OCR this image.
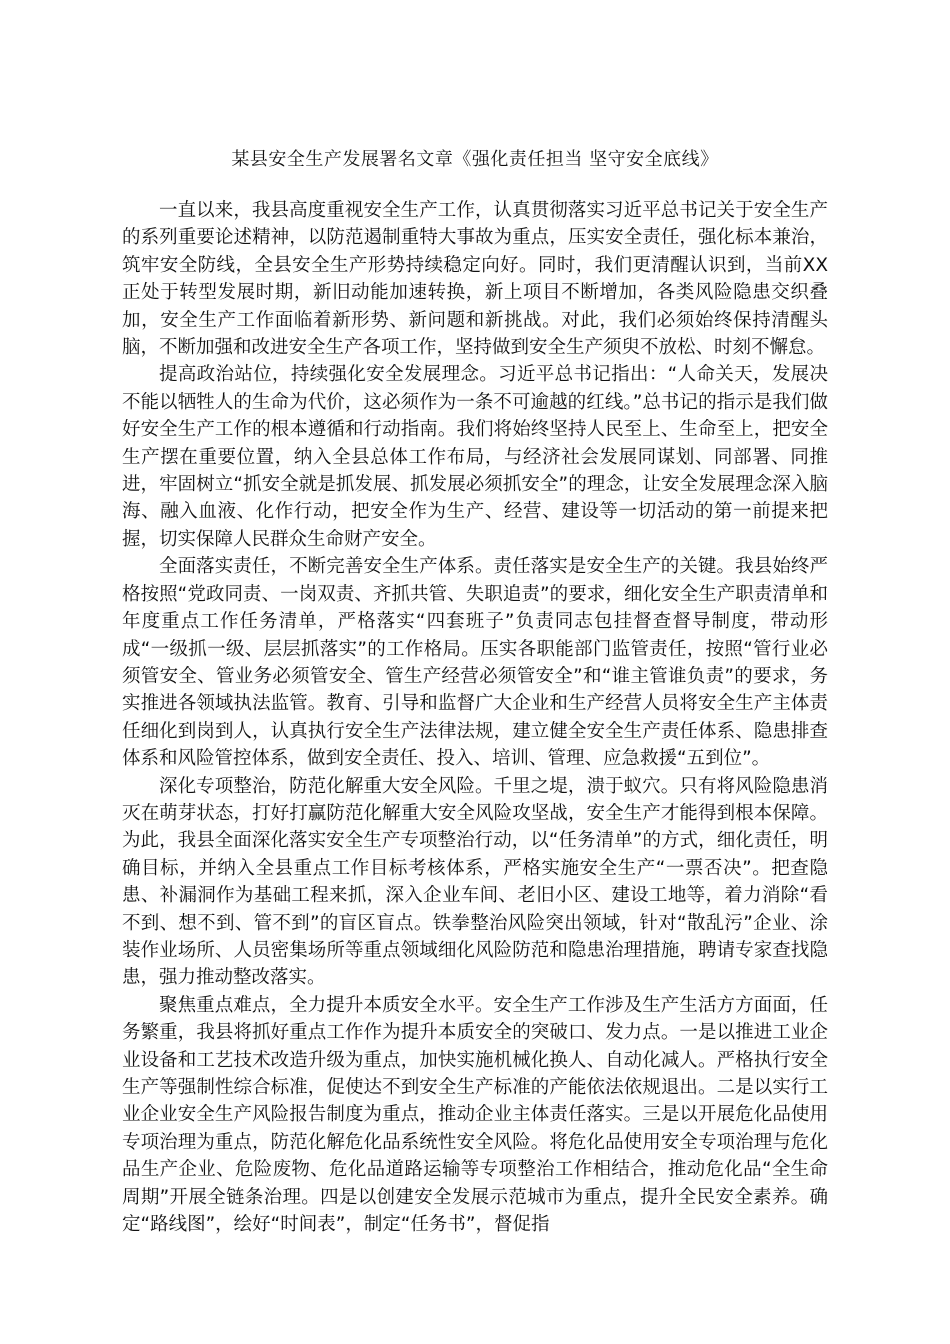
某县安全生产发展署名文章《强化责任担当 坚守安全底线》

一直以来，我县高度重视安全生产工作，认真贯彻落实习近平总书记关于安全生产的系列重要论述精神，以防范遏制重特大事故为重点，压实安全责任，强化标本兼治，筑牢安全防线，全县安全生产形势持续稳定向好。同时，我们更清醒认识到，当前XX正处于转型发展时期，新旧动能加速转换，新上项目不断增加，各类风险隐患交织叠加，安全生产工作面临着新形势、新问题和新挑战。对此，我们必须始终保持清醒头脑，不断加强和改进安全生产各项工作，坚持做到安全生产须臾不放松、时刻不懈怠。

提高政治站位，持续强化安全发展理念。习近平总书记指出：“人命关天，发展决不能以牺牲人的生命为代价，这必须作为一条不可逾越的红线。”总书记的指示是我们做好安全生产工作的根本遵循和行动指南。我们将始终坚持人民至上、生命至上，把安全生产摆在重要位置，纳入全县总体工作布局，与经济社会发展同谋划、同部署、同推进，牢固树立“抓安全就是抓发展、抓发展必须抓安全”的理念，让安全发展理念深入脑海、融入血液、化作行动，把安全作为生产、经营、建设等一切活动的第一前提来把握，切实保障人民群众生命财产安全。

全面落实责任，不断完善安全生产体系。责任落实是安全生产的关键。我县始终严格按照“党政同责、一岗双责、齐抓共管、失职追责”的要求，细化安全生产职责清单和年度重点工作任务清单，严格落实“四套班子”负责同志包挂督查督导制度，带动形成“一级抓一级、层层抓落实”的工作格局。压实各职能部门监管责任，按照“管行业必须管安全、管业务必须管安全、管生产经营必须管安全”和“谁主管谁负责”的要求，务实推进各领域执法监管。教育、引导和监督广大企业和生产经营人员将安全生产主体责任细化到岗到人，认真执行安全生产法律法规，建立健全安全生产责任体系、隐患排查体系和风险管控体系，做到安全责任、投入、培训、管理、应急救援“五到位”。

深化专项整治，防范化解重大安全风险。千里之堤，溃于蚁穴。只有将风险隐患消灭在萌芽状态，打好打赢防范化解重大安全风险攻坚战，安全生产才能得到根本保障。为此，我县全面深化落实安全生产专项整治行动，以“任务清单”的方式，细化责任，明确目标，并纳入全县重点工作目标考核体系，严格实施安全生产“一票否决”。把查隐患、补漏洞作为基础工程来抓，深入企业车间、老旧小区、建设工地等，着力消除“看不到、想不到、管不到”的盲区盲点。铁拳整治风险突出领域，针对“散乱污”企业、涂装作业场所、人员密集场所等重点领域细化风险防范和隐患治理措施，聘请专家查找隐患，强力推动整改落实。

聚焦重点难点，全力提升本质安全水平。安全生产工作涉及生产生活方方面面，任务繁重，我县将抓好重点工作作为提升本质安全的突破口、发力点。一是以推进工业企业设备和工艺技术改造升级为重点，加快实施机械化换人、自动化减人。严格执行安全生产等强制性综合标准，促使达不到安全生产标准的产能依法依规退出。二是以实行工业企业安全生产风险报告制度为重点，推动企业主体责任落实。三是以开展危化品使用专项治理为重点，防范化解危化品系统性安全风险。将危化品使用安全专项治理与危化品生产企业、危险废物、危化品道路运输等专项整治工作相结合，推动危化品“全生命周期”开展全链条治理。四是以创建安全发展示范城市为重点，提升全民安全素养。确定“路线图”，绘好“时间表”，制定“任务书”，督促指
